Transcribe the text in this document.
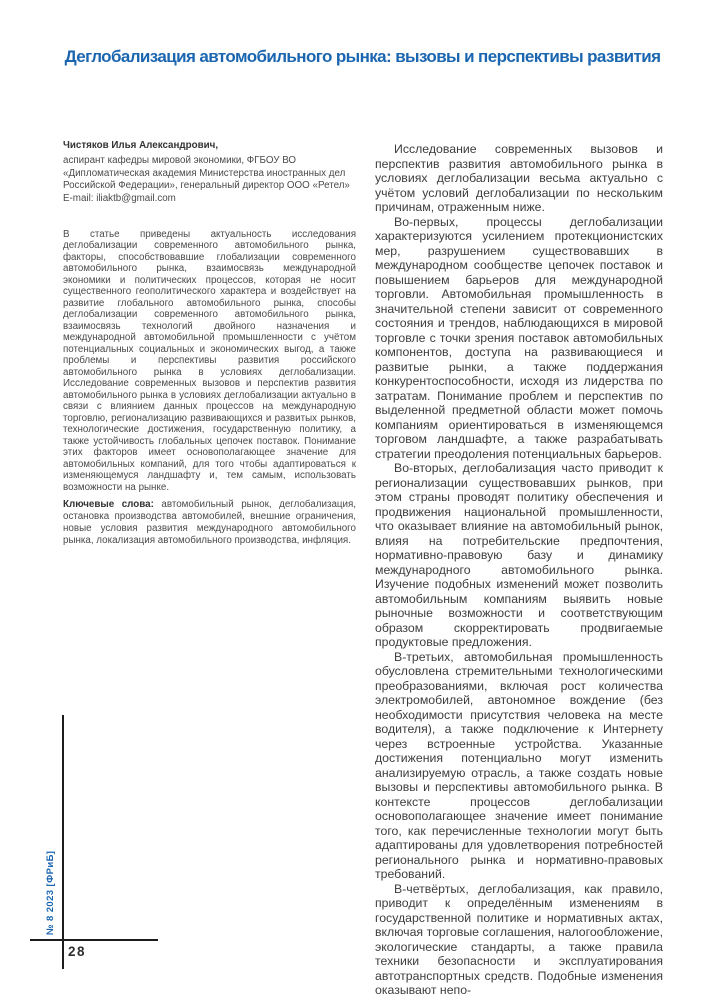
Деглобализация автомобильного рынка: вызовы и перспективы развития
Чистяков Илья Александрович,
аспирант кафедры мировой экономики, ФГБОУ ВО
«Дипломатическая академия Министерства иностранных дел
Российской Федерации», генеральный директор ООО «Ретел»
E-mail: iliaktb@gmail.com

В статье приведены актуальность исследования деглобализации современного автомобильного рынка, факторы, способствовавшие глобализации современного автомобильного рынка, взаимосвязь международной экономики и политических процессов, которая не носит существенного геополитического характера и воздействует на развитие глобального автомобильного рынка, способы деглобализации современного автомобильного рынка, взаимосвязь технологий двойного назначения и международной автомобильной промышленности с учётом потенциальных социальных и экономических выгод, а также проблемы и перспективы развития российского автомобильного рынка в условиях деглобализации. Исследование современных вызовов и перспектив развития автомобильного рынка в условиях деглобализации актуально в связи с влиянием данных процессов на международную торговлю, регионализацию развивающихся и развитых рынков, технологические достижения, государственную политику, а также устойчивость глобальных цепочек поставок. Понимание этих факторов имеет основополагающее значение для автомобильных компаний, для того чтобы адаптироваться к изменяющемуся ландшафту и, тем самым, использовать возможности на рынке.

Ключевые слова: автомобильный рынок, деглобализация, остановка производства автомобилей, внешние ограничения, новые условия развития международного автомобильного рынка, локализация автомобильного производства, инфляция.

Исследование современных вызовов и перспектив развития автомобильного рынка в условиях деглобализации весьма актуально с учётом условий деглобализации по нескольким причинам, отраженным ниже.

Во-первых, процессы деглобализации характеризуются усилением протекционистских мер, разрушением существовавших в международном сообществе цепочек поставок и повышением барьеров для международной торговли. Автомобильная промышленность в значительной степени зависит от современного состояния и трендов, наблюдающихся в мировой торговле с точки зрения поставок автомобильных компонентов, доступа на развивающиеся и развитые рынки, а также поддержания конкурентоспособности, исходя из лидерства по затратам. Понимание проблем и перспектив по выделенной предметной области может помочь компаниям ориентироваться в изменяющемся торговом ландшафте, а также разрабатывать стратегии преодоления потенциальных барьеров.

Во-вторых, деглобализация часто приводит к регионализации существовавших рынков, при этом страны проводят политику обеспечения и продвижения национальной промышленности, что оказывает влияние на автомобильный рынок, влияя на потребительские предпочтения, нормативно-правовую базу и динамику международного автомобильного рынка. Изучение подобных изменений может позволить автомобильным компаниям выявить новые рыночные возможности и соответствующим образом скорректировать продвигаемые продуктовые предложения.

В-третьих, автомобильная промышленность обусловлена стремительными технологическими преобразованиями, включая рост количества электромобилей, автономное вождение (без необходимости присутствия человека на месте водителя), а также подключение к Интернету через встроенные устройства. Указанные достижения потенциально могут изменить анализируемую отрасль, а также создать новые вызовы и перспективы автомобильного рынка. В контексте процессов деглобализации основополагающее значение имеет понимание того, как перечисленные технологии могут быть адаптированы для удовлетворения потребностей регионального рынка и нормативно-правовых требований.

В-четвёртых, деглобализация, как правило, приводит к определённым изменениям в государственной политике и нормативных актах, включая торговые соглашения, налогообложение, экологические стандарты, а также правила техники безопасности и эксплуатирования автотранспортных средств. Подобные изменения оказывают непо-

№ 8 2023 [ФРиБ]
28
